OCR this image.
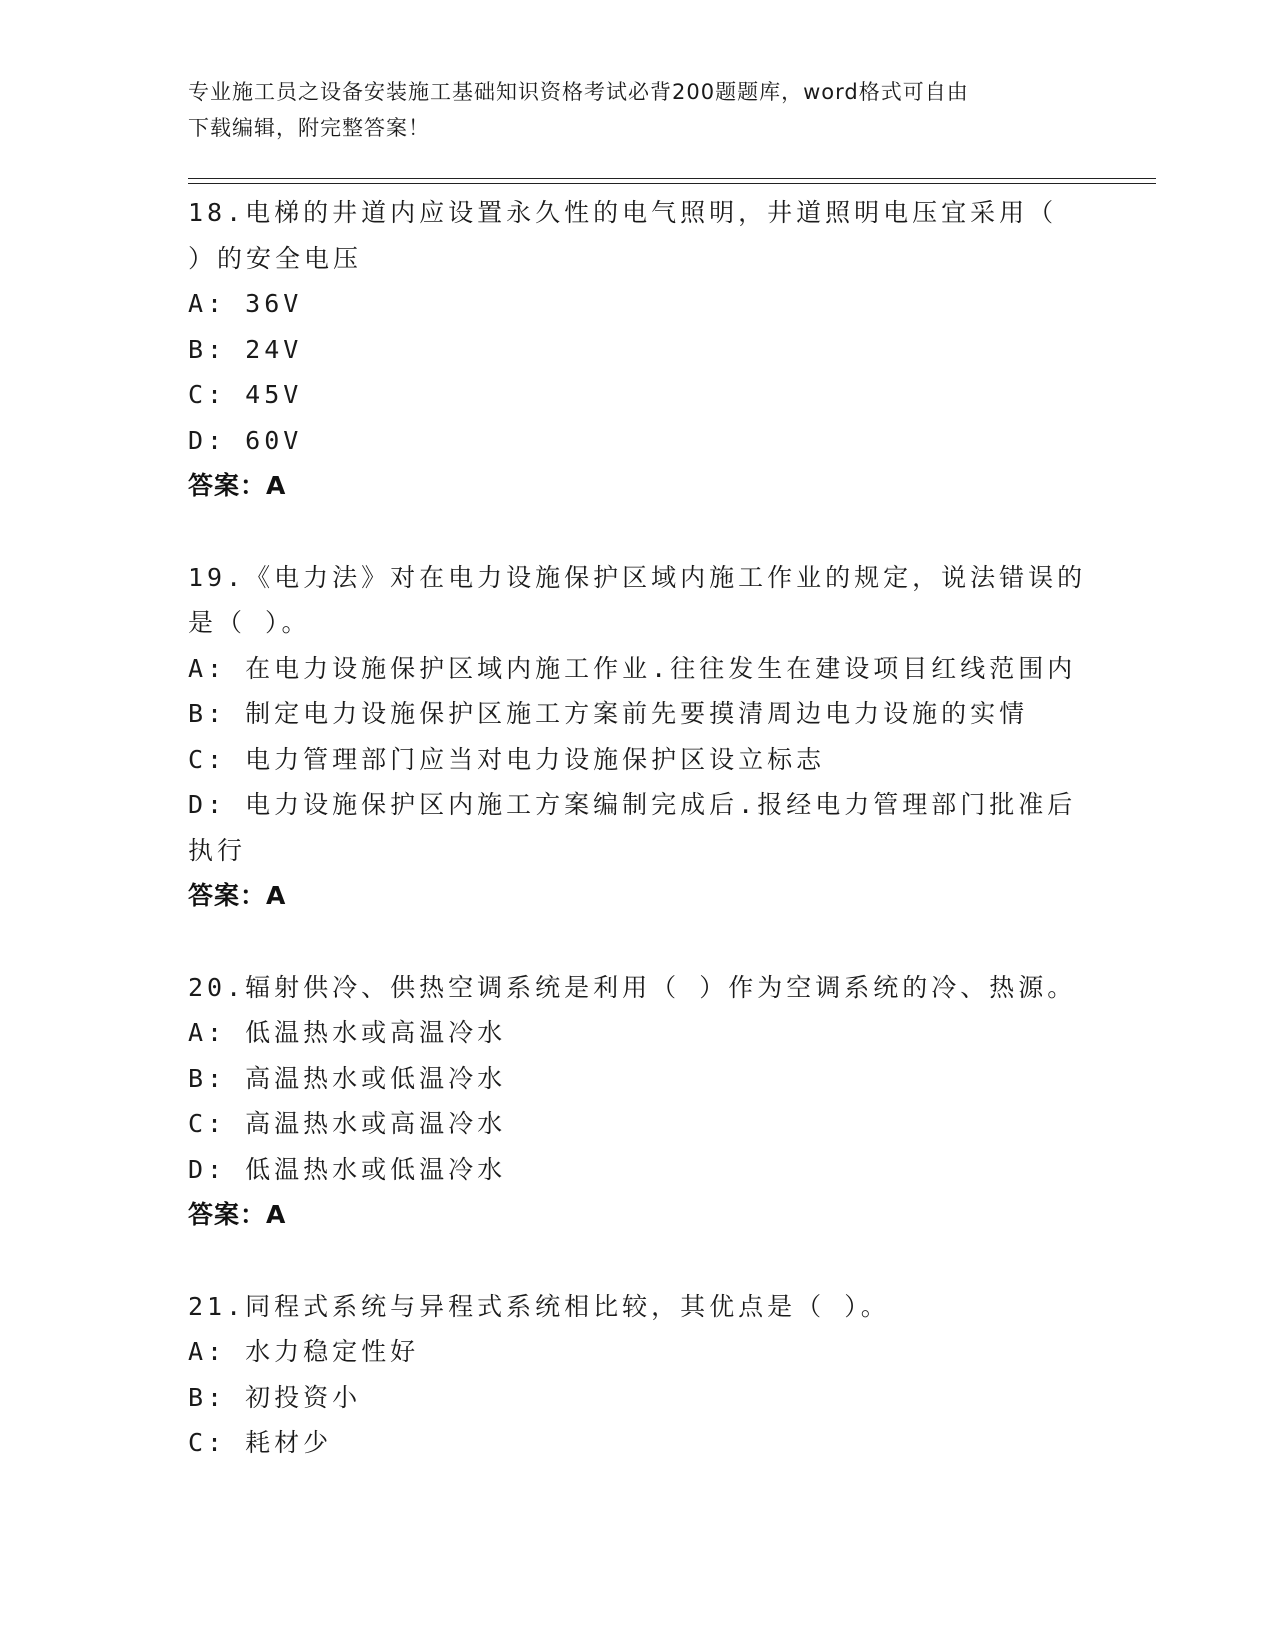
专业施工员之设备安装施工基础知识资格考试必背200题题库，word格式可自由
下载编辑，附完整答案！
18.电梯的井道内应设置永久性的电气照明，井道照明电压宜采用（
）的安全电压
A: 36V
B: 24V
C: 45V
D: 60V
答案：A
19.《电力法》对在电力设施保护区域内施工作业的规定，说法错误的
是（ ）。
A: 在电力设施保护区域内施工作业.往往发生在建设项目红线范围内
B: 制定电力设施保护区施工方案前先要摸清周边电力设施的实情
C: 电力管理部门应当对电力设施保护区设立标志
D: 电力设施保护区内施工方案编制完成后.报经电力管理部门批准后
执行
答案：A
20.辐射供冷、供热空调系统是利用（ ）作为空调系统的冷、热源。
A: 低温热水或高温冷水
B: 高温热水或低温冷水
C: 高温热水或高温冷水
D: 低温热水或低温冷水
答案：A
21.同程式系统与异程式系统相比较，其优点是（ ）。
A: 水力稳定性好
B: 初投资小
C: 耗材少
